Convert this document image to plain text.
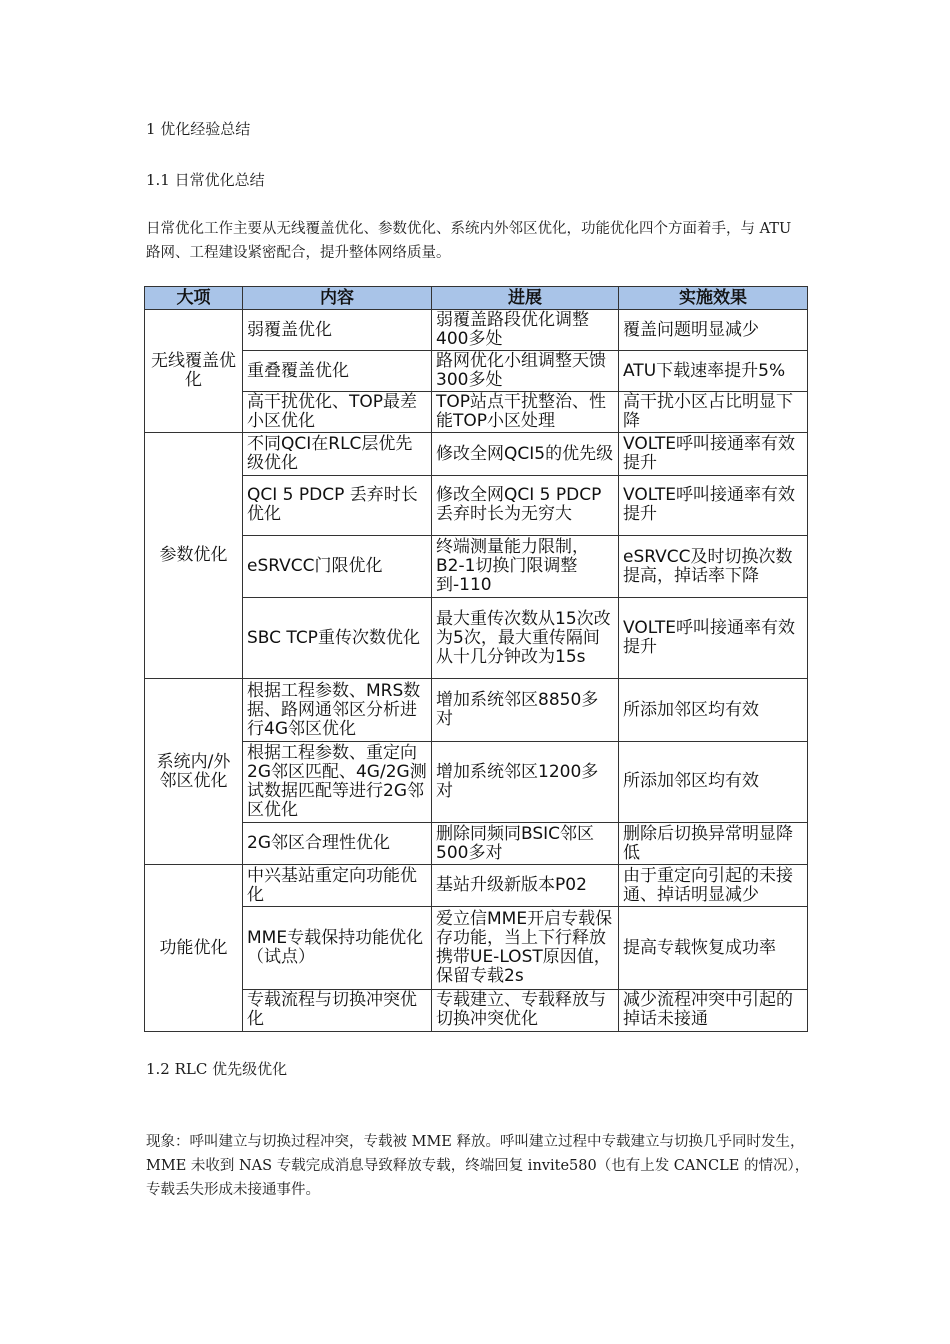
1 优化经验总结
1.1 日常优化总结
日常优化工作主要从无线覆盖优化、参数优化、系统内外邻区优化，功能优化四个方面着手，与 ATU 路网、工程建设紧密配合，提升整体网络质量。
大项	内容	进展	实施效果
无线覆盖优化	弱覆盖优化	弱覆盖路段优化调整400多处	覆盖问题明显减少
	重叠覆盖优化	路网优化小组调整天馈300多处	ATU下载速率提升5%
	高干扰优化、TOP最差小区优化	TOP站点干扰整治、性能TOP小区处理	高干扰小区占比明显下降
参数优化	不同QCI在RLC层优先级优化	修改全网QCI5的优先级	VOLTE呼叫接通率有效提升
	QCI 5 PDCP 丢弃时长优化	修改全网QCI 5 PDCP丢弃时长为无穷大	VOLTE呼叫接通率有效提升
	eSRVCC门限优化	终端测量能力限制，B2-1切换门限调整到-110	eSRVCC及时切换次数提高，掉话率下降
	SBC TCP重传次数优化	最大重传次数从15次改为5次，最大重传隔间从十几分钟改为15s	VOLTE呼叫接通率有效提升
系统内/外邻区优化	根据工程参数、MRS数据、路网通邻区分析进行4G邻区优化	增加系统邻区8850多对	所添加邻区均有效
	根据工程参数、重定向2G邻区匹配、4G/2G测试数据匹配等进行2G邻区优化	增加系统邻区1200多对	所添加邻区均有效
	2G邻区合理性优化	删除同频同BSIC邻区500多对	删除后切换异常明显降低
功能优化	中兴基站重定向功能优化	基站升级新版本P02	由于重定向引起的未接通、掉话明显减少
	MME专载保持功能优化（试点）	爱立信MME开启专载保存功能，当上下行释放携带UE-LOST原因值，保留专载2s	提高专载恢复成功率
	专载流程与切换冲突优化	专载建立、专载释放与切换冲突优化	减少流程冲突中引起的掉话未接通
1.2 RLC 优先级优化
现象：呼叫建立与切换过程冲突，专载被 MME 释放。呼叫建立过程中专载建立与切换几乎同时发生，MME 未收到 NAS 专载完成消息导致释放专载，终端回复 invite580（也有上发 CANCLE 的情况），专载丢失形成未接通事件。
